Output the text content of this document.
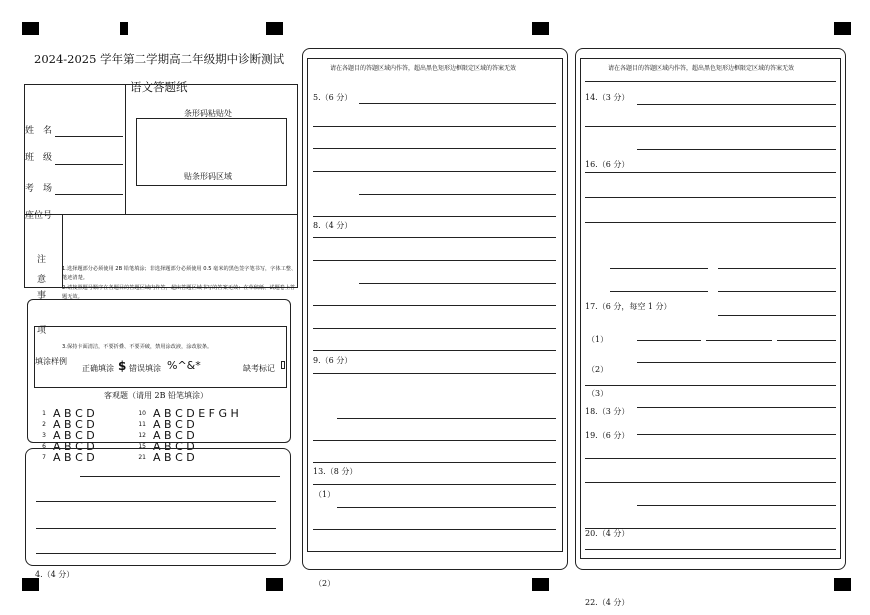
2024-2025 学年第二学期高二年级期中诊断测试
语文答题纸
姓　名
班　级
考　场
座位号
条形码粘贴处
贴条形码区域
注
意
事
项
1.选择题部分必须使用 2B 铅笔填涂；非选择题部分必须使用 0.5 毫米的黑色签字笔书写，字体工整、笔迹清楚。
2.请按照题号顺序在各题目的答题区域内作答，超出答题区域书写的答案无效；在草稿纸、试题卷上答题无效。
3.保持卡面清洁，不要折叠、不要弄破，禁用涂改液，涂改胶条。
填涂样例
正确填涂 $ 错误填涂 %^&*	缺考标记
客观题（请用 2B 铅笔填涂）
1 A B C D
2 A B C D
3 A B C D
6 A B C D
7 A B C D
10 A B C D E F G H
11 A B C D
12 A B C D
15 A B C D
21 A B C D
4.（4 分）
请在各题目的答题区域内作答，超出黑色矩形边框限定区域的答案无效
5.（6 分）
8.（4 分）
9.（6 分）
13.（8 分）
（1）
（2）
请在各题目的答题区域内作答，超出黑色矩形边框限定区域的答案无效
14.（3 分）
16.（6 分）
17.（6 分，每空 1 分）
（1）
（2）
（3）
18.（3 分）
19.（6 分）
20.（4 分）
22.（4 分）
